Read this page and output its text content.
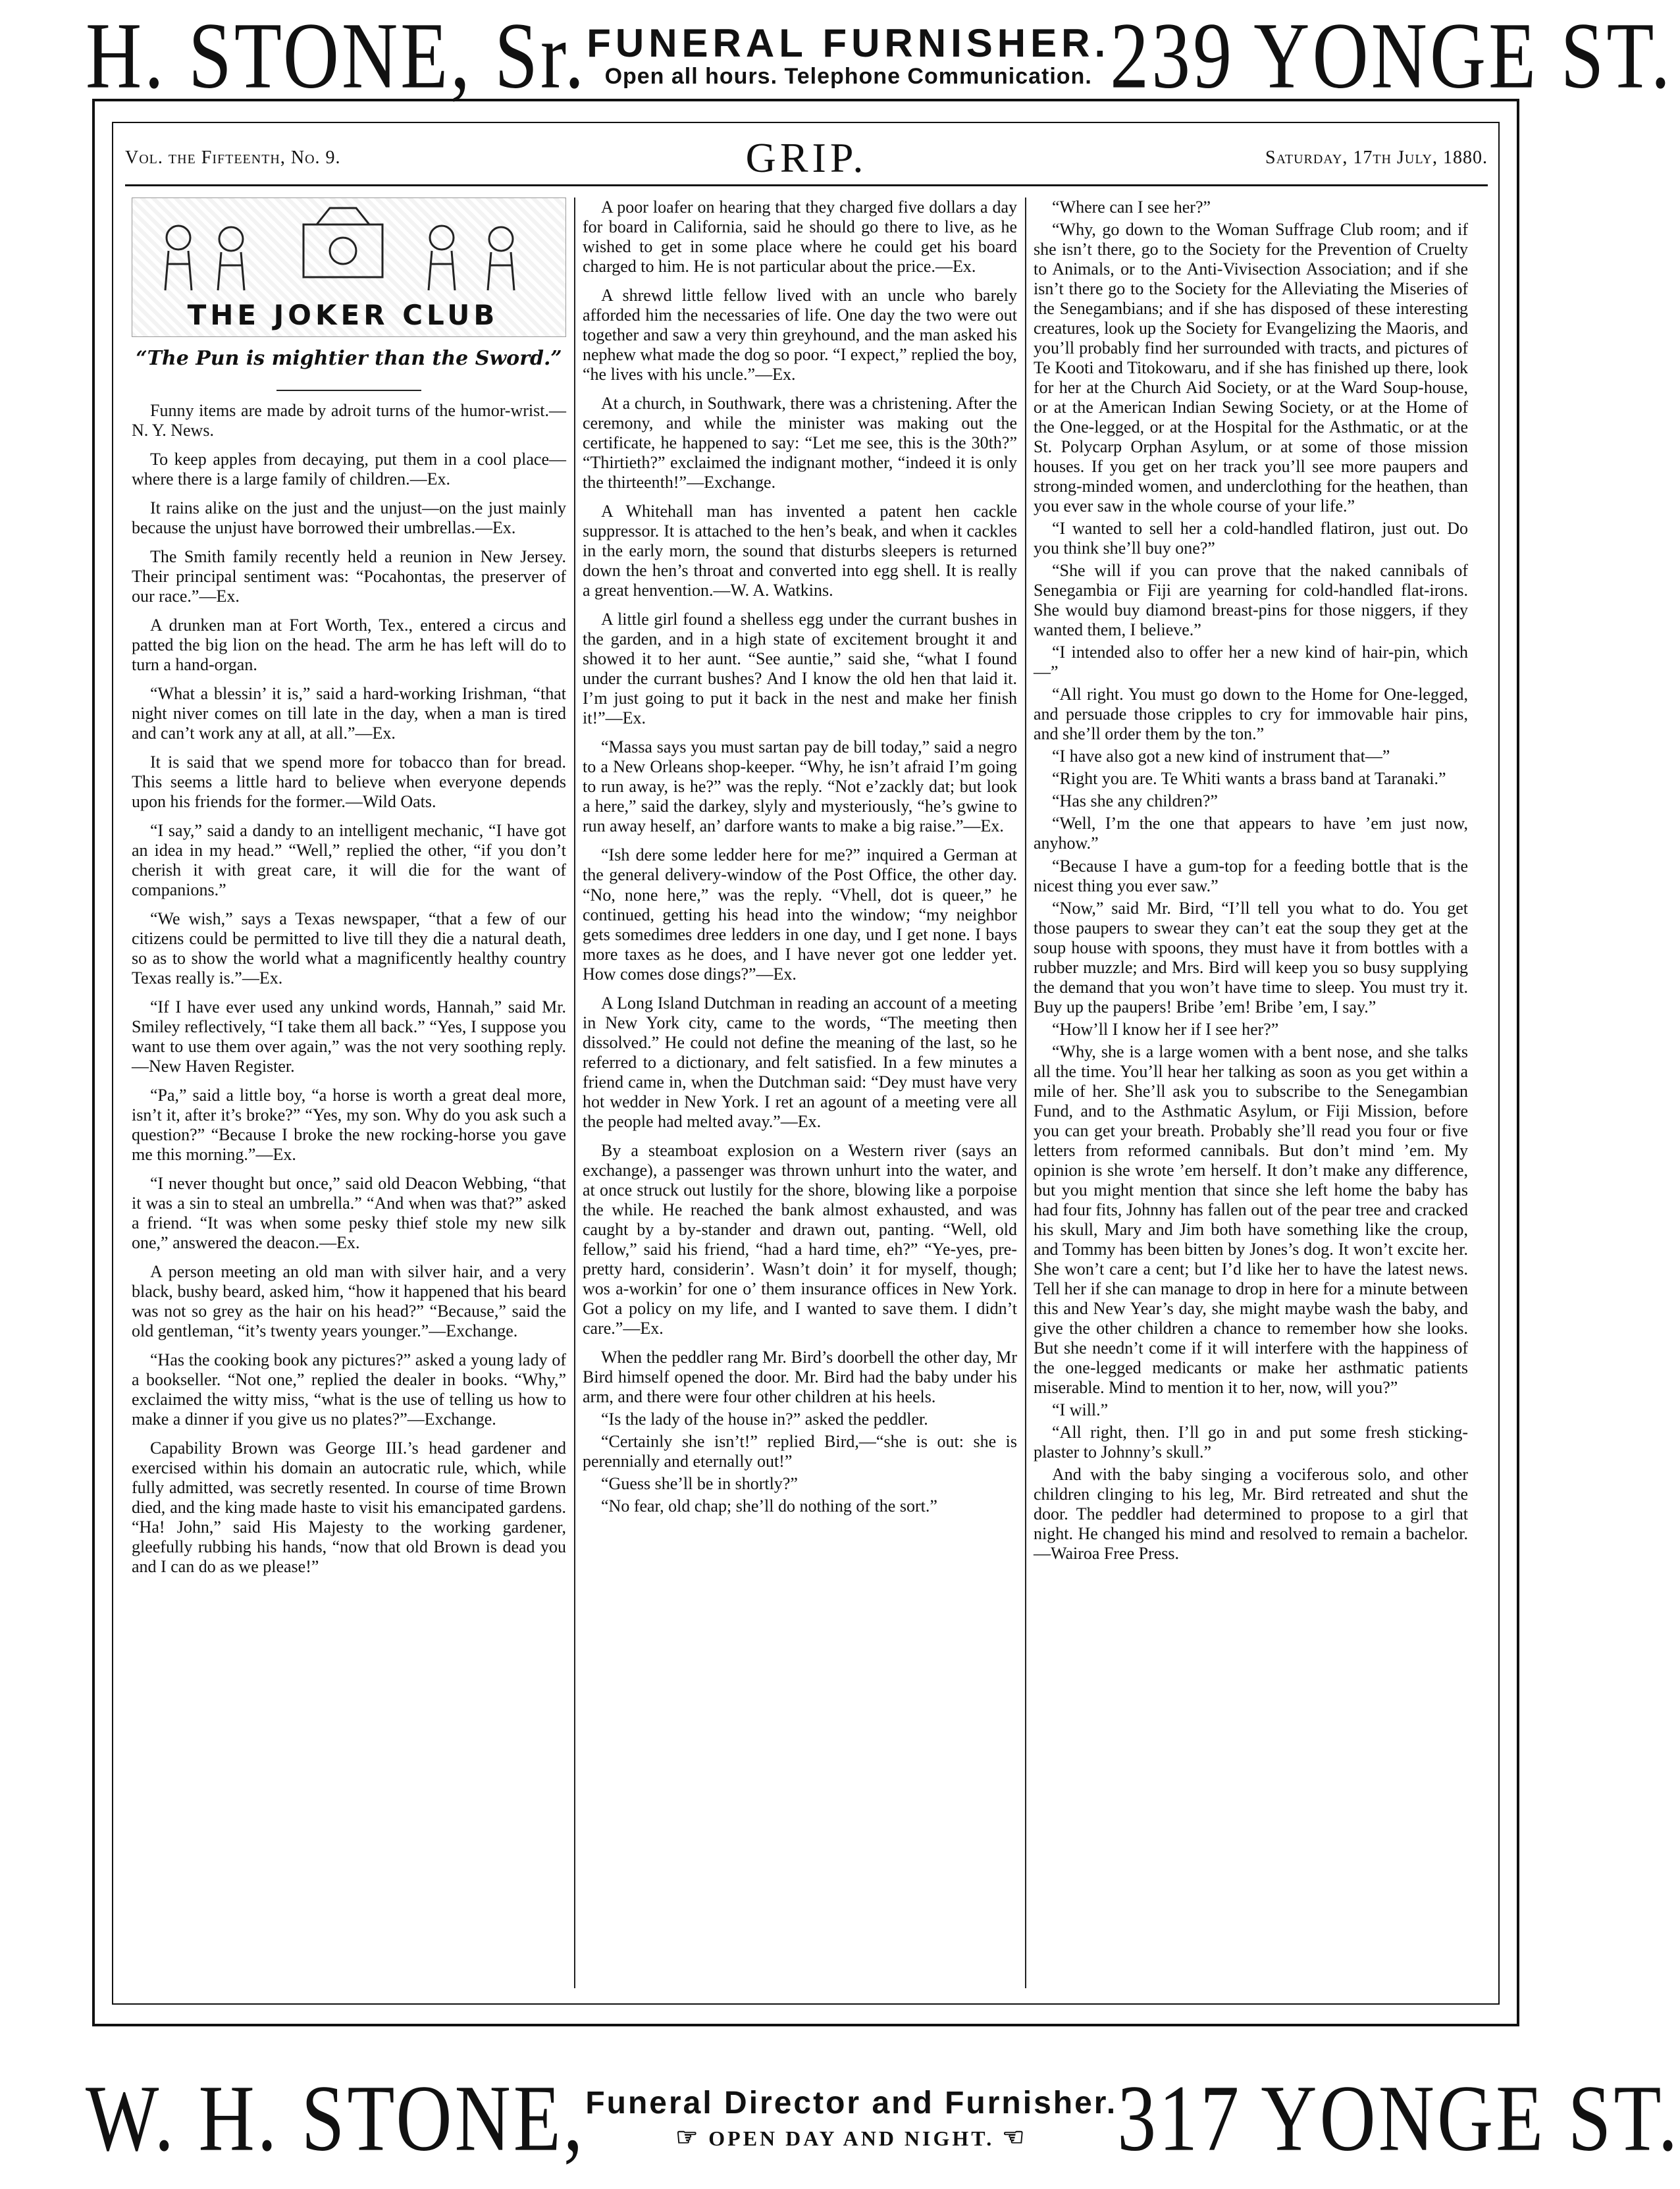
H. STONE, Sr. FUNERAL FURNISHER.
Open all hours. Telephone Communication. 239 YONGE ST.
Vol. the Fifteenth, No. 9.	GRIP.	Saturday, 17th July, 1880.
THE JOKER CLUB
“The Pun is mightier than the Sword.”

Funny items are made by adroit turns of the humor-wrist.—N. Y. News.

To keep apples from decaying, put them in a cool place—where there is a large family of children.—Ex.

It rains alike on the just and the unjust—on the just mainly because the unjust have borrowed their umbrellas.—Ex.

The Smith family recently held a reunion in New Jersey. Their principal sentiment was: “Pocahontas, the preserver of our race.”—Ex.

A drunken man at Fort Worth, Tex., entered a circus and patted the big lion on the head. The arm he has left will do to turn a hand-organ.

“What a blessin’ it is,” said a hard-working Irishman, “that night niver comes on till late in the day, when a man is tired and can’t work any at all, at all.”—Ex.

It is said that we spend more for tobacco than for bread. This seems a little hard to believe when everyone depends upon his friends for the former.—Wild Oats.

“I say,” said a dandy to an intelligent mechanic, “I have got an idea in my head.” “Well,” replied the other, “if you don’t cherish it with great care, it will die for the want of companions.”

“We wish,” says a Texas newspaper, “that a few of our citizens could be permitted to live till they die a natural death, so as to show the world what a magnificently healthy country Texas really is.”—Ex.

“If I have ever used any unkind words, Hannah,” said Mr. Smiley reflectively, “I take them all back.” “Yes, I suppose you want to use them over again,” was the not very soothing reply.—New Haven Register.

“Pa,” said a little boy, “a horse is worth a great deal more, isn’t it, after it’s broke?” “Yes, my son. Why do you ask such a question?” “Because I broke the new rocking-horse you gave me this morning.”—Ex.

“I never thought but once,” said old Deacon Webbing, “that it was a sin to steal an umbrella.” “And when was that?” asked a friend. “It was when some pesky thief stole my new silk one,” answered the deacon.—Ex.

A person meeting an old man with silver hair, and a very black, bushy beard, asked him, “how it happened that his beard was not so grey as the hair on his head?” “Because,” said the old gentleman, “it’s twenty years younger.”—Exchange.

“Has the cooking book any pictures?” asked a young lady of a bookseller. “Not one,” replied the dealer in books. “Why,” exclaimed the witty miss, “what is the use of telling us how to make a dinner if you give us no plates?”—Exchange.

Capability Brown was George III.’s head gardener and exercised within his domain an autocratic rule, which, while fully admitted, was secretly resented. In course of time Brown died, and the king made haste to visit his emancipated gardens. “Ha! John,” said His Majesty to the working gardener, gleefully rubbing his hands, “now that old Brown is dead you and I can do as we please!”

A poor loafer on hearing that they charged five dollars a day for board in California, said he should go there to live, as he wished to get in some place where he could get his board charged to him. He is not particular about the price.—Ex.

A shrewd little fellow lived with an uncle who barely afforded him the necessaries of life. One day the two were out together and saw a very thin greyhound, and the man asked his nephew what made the dog so poor. “I expect,” replied the boy, “he lives with his uncle.”—Ex.

At a church, in Southwark, there was a christening. After the ceremony, and while the minister was making out the certificate, he happened to say: “Let me see, this is the 30th?” “Thirtieth?” exclaimed the indignant mother, “indeed it is only the thirteenth!”—Exchange.

A Whitehall man has invented a patent hen cackle suppressor. It is attached to the hen’s beak, and when it cackles in the early morn, the sound that disturbs sleepers is returned down the hen’s throat and converted into egg shell. It is really a great henvention.—W. A. Watkins.

A little girl found a shelless egg under the currant bushes in the garden, and in a high state of excitement brought it and showed it to her aunt. “See auntie,” said she, “what I found under the currant bushes? And I know the old hen that laid it. I’m just going to put it back in the nest and make her finish it!”—Ex.

“Massa says you must sartan pay de bill today,” said a negro to a New Orleans shop-keeper. “Why, he isn’t afraid I’m going to run away, is he?” was the reply. “Not e’zackly dat; but look a here,” said the darkey, slyly and mysteriously, “he’s gwine to run away heself, an’ darfore wants to make a big raise.”—Ex.

“Ish dere some ledder here for me?” inquired a German at the general delivery-window of the Post Office, the other day. “No, none here,” was the reply. “Vhell, dot is queer,” he continued, getting his head into the window; “my neighbor gets somedimes dree ledders in one day, und I get none. I bays more taxes as he does, and I have never got one ledder yet. How comes dose dings?”—Ex.

A Long Island Dutchman in reading an account of a meeting in New York city, came to the words, “The meeting then dissolved.” He could not define the meaning of the last, so he referred to a dictionary, and felt satisfied. In a few minutes a friend came in, when the Dutchman said: “Dey must have very hot wedder in New York. I ret an agount of a meeting vere all the people had melted avay.”—Ex.

By a steamboat explosion on a Western river (says an exchange), a passenger was thrown unhurt into the water, and at once struck out lustily for the shore, blowing like a porpoise the while. He reached the bank almost exhausted, and was caught by a by-stander and drawn out, panting. “Well, old fellow,” said his friend, “had a hard time, eh?” “Ye-yes, pre-pretty hard, considerin’. Wasn’t doin’ it for myself, though; wos a-workin’ for one o’ them insurance offices in New York. Got a policy on my life, and I wanted to save them. I didn’t care.”—Ex.

When the peddler rang Mr. Bird’s doorbell the other day, Mr Bird himself opened the door. Mr. Bird had the baby under his arm, and there were four other children at his heels.

“Is the lady of the house in?” asked the peddler.

“Certainly she isn’t!” replied Bird,—“she is out: she is perennially and eternally out!”

“Guess she’ll be in shortly?”

“No fear, old chap; she’ll do nothing of the sort.”

“Where can I see her?”

“Why, go down to the Woman Suffrage Club room; and if she isn’t there, go to the Society for the Prevention of Cruelty to Animals, or to the Anti-Vivisection Association; and if she isn’t there go to the Society for the Alleviating the Miseries of the Senegambians; and if she has disposed of these interesting creatures, look up the Society for Evangelizing the Maoris, and you’ll probably find her surrounded with tracts, and pictures of Te Kooti and Titokowaru, and if she has finished up there, look for her at the Church Aid Society, or at the Ward Soup-house, or at the American Indian Sewing Society, or at the Home of the One-legged, or at the Hospital for the Asthmatic, or at the St. Polycarp Orphan Asylum, or at some of those mission houses. If you get on her track you’ll see more paupers and strong-minded women, and underclothing for the heathen, than you ever saw in the whole course of your life.”

“I wanted to sell her a cold-handled flatiron, just out. Do you think she’ll buy one?”

“She will if you can prove that the naked cannibals of Senegambia or Fiji are yearning for cold-handled flat-irons. She would buy diamond breast-pins for those niggers, if they wanted them, I believe.”

“I intended also to offer her a new kind of hair-pin, which—”

“All right. You must go down to the Home for One-legged, and persuade those cripples to cry for immovable hair pins, and she’ll order them by the ton.”

“I have also got a new kind of instrument that—”

“Right you are. Te Whiti wants a brass band at Taranaki.”

“Has she any children?”

“Well, I’m the one that appears to have ’em just now, anyhow.”

“Because I have a gum-top for a feeding bottle that is the nicest thing you ever saw.”

“Now,” said Mr. Bird, “I’ll tell you what to do. You get those paupers to swear they can’t eat the soup they get at the soup house with spoons, they must have it from bottles with a rubber muzzle; and Mrs. Bird will keep you so busy supplying the demand that you won’t have time to sleep. You must try it. Buy up the paupers! Bribe ’em! Bribe ’em, I say.”

“How’ll I know her if I see her?”

“Why, she is a large women with a bent nose, and she talks all the time. You’ll hear her talking as soon as you get within a mile of her. She’ll ask you to subscribe to the Senegambian Fund, and to the Asthmatic Asylum, or Fiji Mission, before you can get your breath. Probably she’ll read you four or five letters from reformed cannibals. But don’t mind ’em. My opinion is she wrote ’em herself. It don’t make any difference, but you might mention that since she left home the baby has had four fits, Johnny has fallen out of the pear tree and cracked his skull, Mary and Jim both have something like the croup, and Tommy has been bitten by Jones’s dog. It won’t excite her. She won’t care a cent; but I’d like her to have the latest news. Tell her if she can manage to drop in here for a minute between this and New Year’s day, she might maybe wash the baby, and give the other children a chance to remember how she looks. But she needn’t come if it will interfere with the happiness of the one-legged medicants or make her asthmatic patients miserable. Mind to mention it to her, now, will you?”

“I will.”

“All right, then. I’ll go in and put some fresh sticking-plaster to Johnny’s skull.”

And with the baby singing a vociferous solo, and other children clinging to his leg, Mr. Bird retreated and shut the door. The peddler had determined to propose to a girl that night. He changed his mind and resolved to remain a bachelor.—Wairoa Free Press.

W. H. STONE, Funeral Director and Furnisher.
☞ OPEN DAY AND NIGHT. ☜	317 YONGE ST.
